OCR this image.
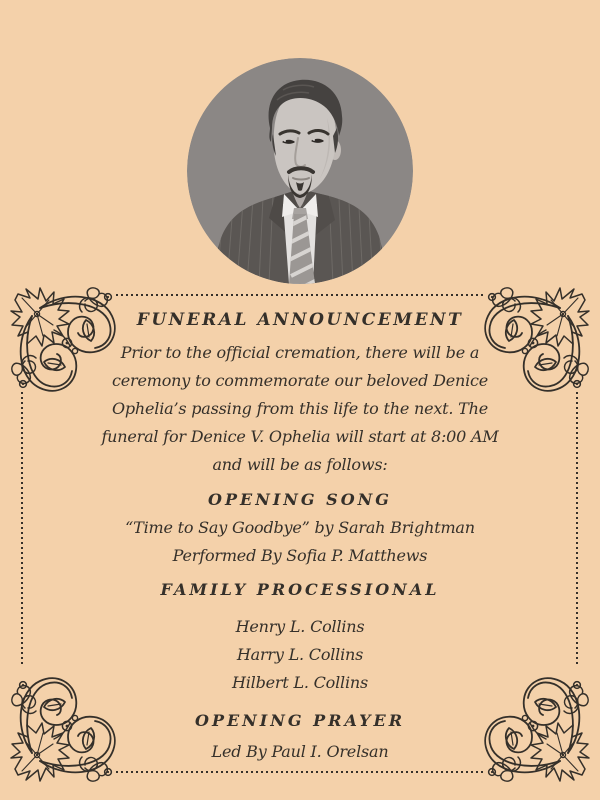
FUNERAL ANNOUNCEMENT
Prior to the official cremation, there will be a
ceremony to commemorate our beloved Denice
Ophelia’s passing from this life to the next. The
funeral for Denice V. Ophelia will start at 8:00 AM
and will be as follows:
OPENING SONG
“Time to Say Goodbye” by Sarah Brightman
Performed By Sofia P. Matthews
FAMILY PROCESSIONAL
Henry L. Collins
Harry L. Collins
Hilbert L. Collins
OPENING PRAYER
Led By Paul I. Orelsan
